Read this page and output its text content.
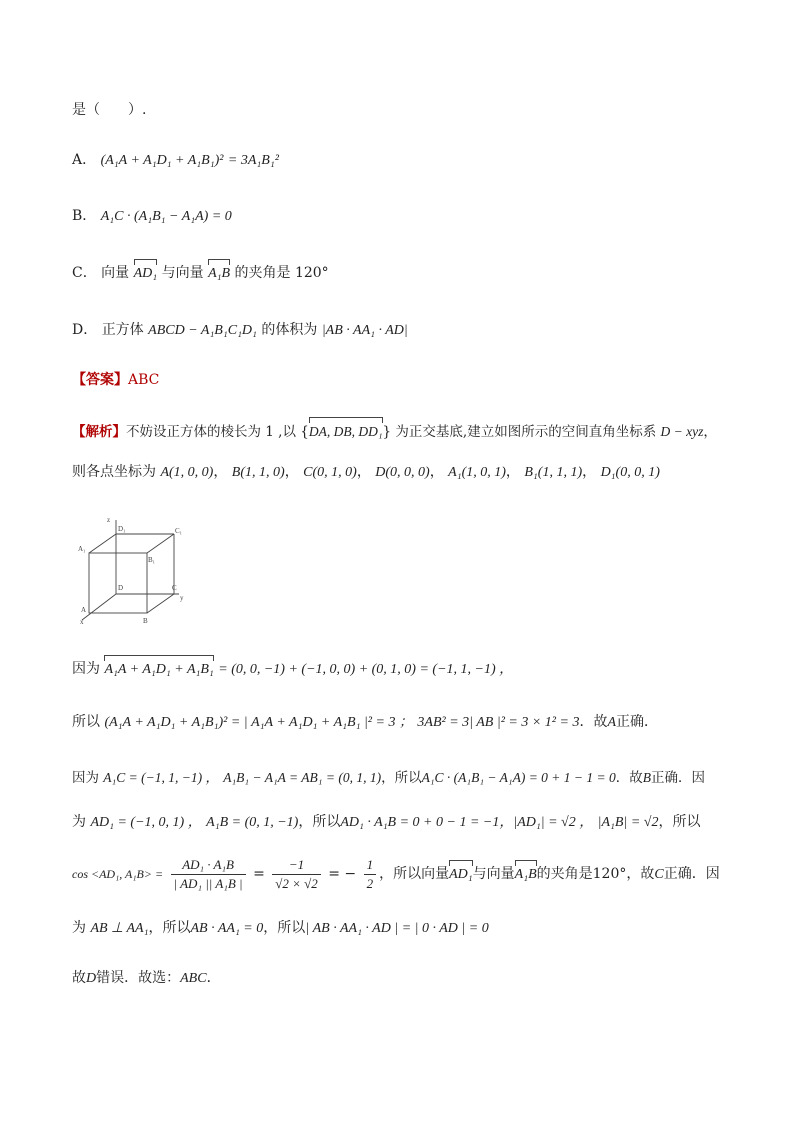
是（　　）.
A． (A₁A + A₁D₁ + A₁B₁)² = 3A₁B₁²
B． A₁C · (A₁B₁ − A₁A) = 0
C． 向量 AD₁ 与向量 A₁B 的夹角是 120°
D． 正方体 ABCD − A₁B₁C₁D₁ 的体积为 |AB · AA₁ · AD|
【答案】ABC
【解析】不妨设正方体的棱长为 1 ,以 {DA, DB, DD₁} 为正交基底,建立如图所示的空间直角坐标系 D − xyz，
则各点坐标为 A(1, 0, 0)， B(1, 1, 0)， C(0, 1, 0)， D(0, 0, 0)， A₁(1, 0, 1)， B₁(1, 1, 1)， D₁(0, 0, 1)
z
D₁	C₁
A₁
B₁
D	C
y
A
B
x
因为 A₁A + A₁D₁ + A₁B₁ = (0, 0, −1) + (−1, 0, 0) + (0, 1, 0) = (−1, 1, −1) ，
所以 (A₁A + A₁D₁ + A₁B₁)² = | A₁A + A₁D₁ + A₁B₁ |² = 3 ； 3AB² = 3| AB |² = 3 × 1² = 3．故A正确．
因为 A₁C = (−1, 1, −1) ， A₁B₁ − A₁A = AB₁ = (0, 1, 1)，所以A₁C · (A₁B₁ − A₁A) = 0 + 1 − 1 = 0．故B正确．因
为 AD₁ = (−1, 0, 1) ， A₁B = (0, 1, −1)，所以AD₁ · A₁B = 0 + 0 − 1 = −1，|AD₁| = √2 ， |A₁B| = √2，所以
cos <AD₁, $A_1B> = \frac{\text{AD₁ · A₁B}}{\text{| AD₁ || A₁B |}} = \frac{-1}{√2 \times √2}$ = − $\frac{1}{2}$ ，所以向量AD₁与向量A₁B的夹角是120°，故C正确．因
为 AB ⊥ AA₁，所以AB · AA₁ = 0，所以| AB · AA₁ · AD | = | 0 · AD | = 0
故D错误．故选：ABC．
